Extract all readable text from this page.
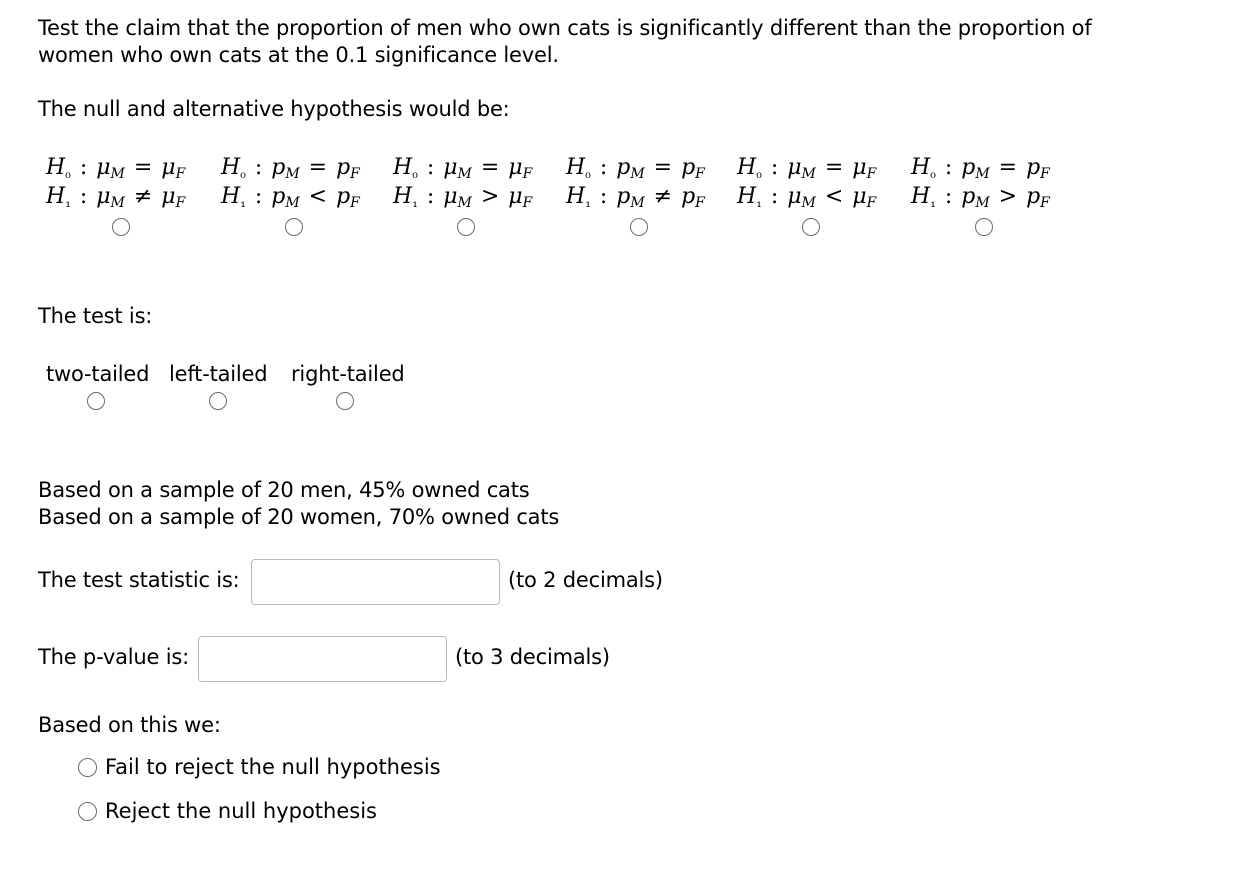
Test the claim that the proportion of men who own cats is significantly different than the proportion of
women who own cats at the 0.1 significance level.
The null and alternative hypothesis would be:
$H_{_0}$ : μM = μF
$H_{_1}$ : μM ≠ μF
$H_{_0}$ : pM = pF
$H_{_1}$ : pM < pF
$H_{_0}$ : μM = μF
$H_{_1}$ : μM > μF
$H_{_0}$ : pM = pF
$H_{_1}$ : pM ≠ pF
$H_{_0}$ : μM = μF
$H_{_1}$ : μM < μF
$H_{_0}$ : pM = pF
$H_{_1}$ : pM > pF
The test is:
two-tailed left-tailed right-tailed
Based on a sample of 20 men, 45% owned cats
Based on a sample of 20 women, 70% owned cats
The test statistic is:	(to 2 decimals)
The p-value is:	(to 3 decimals)
Based on this we:
Fail to reject the null hypothesis
Reject the null hypothesis
